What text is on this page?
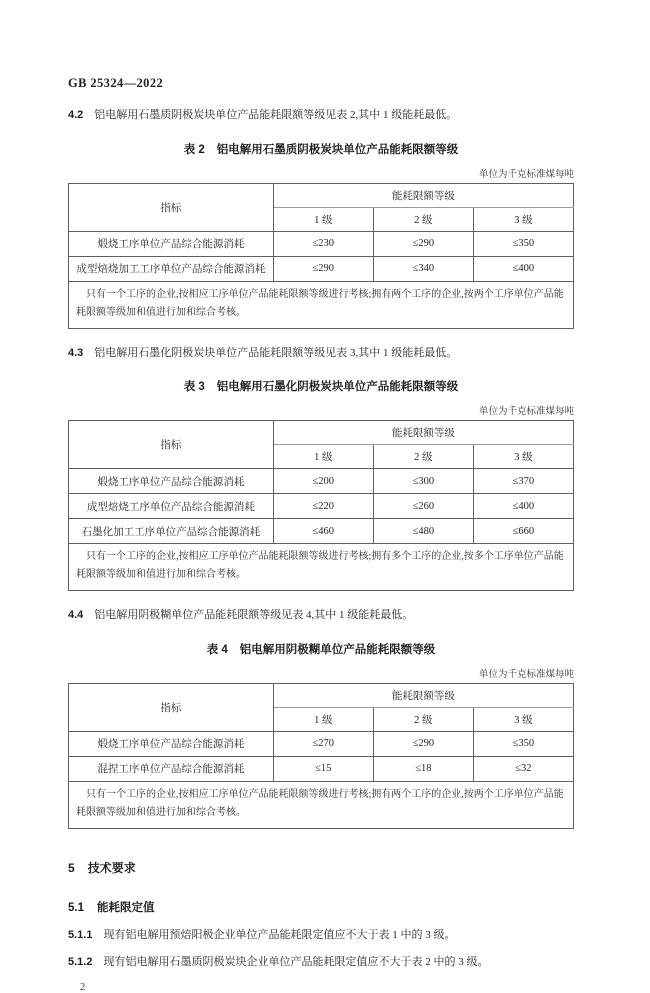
GB 25324—2022

4.2 铝电解用石墨质阴极炭块单位产品能耗限额等级见表 2,其中 1 级能耗最低。

表 2 铝电解用石墨质阴极炭块单位产品能耗限额等级
单位为千克标准煤每吨
指标	能耗限额等级		
	1 级	2 级	3 级
煅烧工序单位产品综合能源消耗	≤230	≤290	≤350
成型焙烧加工工序单位产品综合能源消耗	≤290	≤340	≤400
只有一个工序的企业,按相应工序单位产品能耗限额等级进行考核;拥有两个工序的企业,按两个工序单位产品能耗限额等级加和值进行加和综合考核。			

4.3 铝电解用石墨化阴极炭块单位产品能耗限额等级见表 3,其中 1 级能耗最低。

表 3 铝电解用石墨化阴极炭块单位产品能耗限额等级
单位为千克标准煤每吨
指标	能耗限额等级		
	1 级	2 级	3 级
煅烧工序单位产品综合能源消耗	≤200	≤300	≤370
成型焙烧工序单位产品综合能源消耗	≤220	≤260	≤400
石墨化加工工序单位产品综合能源消耗	≤460	≤480	≤660
只有一个工序的企业,按相应工序单位产品能耗限额等级进行考核;拥有多个工序的企业,按多个工序单位产品能耗限额等级加和值进行加和综合考核。			

4.4 铝电解用阴极糊单位产品能耗限额等级见表 4,其中 1 级能耗最低。

表 4 铝电解用阴极糊单位产品能耗限额等级
单位为千克标准煤每吨
指标	能耗限额等级		
	1 级	2 级	3 级
煅烧工序单位产品综合能源消耗	≤270	≤290	≤350
混捏工序单位产品综合能源消耗	≤15	≤18	≤32
只有一个工序的企业,按相应工序单位产品能耗限额等级进行考核;拥有两个工序的企业,按两个工序单位产品能耗限额等级加和值进行加和综合考核。			
5 技术要求
5.1 能耗限定值

5.1.1 现有铝电解用预焙阳极企业单位产品能耗限定值应不大于表 1 中的 3 级。

5.1.2 现有铝电解用石墨质阴极炭块企业单位产品能耗限定值应不大于表 2 中的 3 级。

2
